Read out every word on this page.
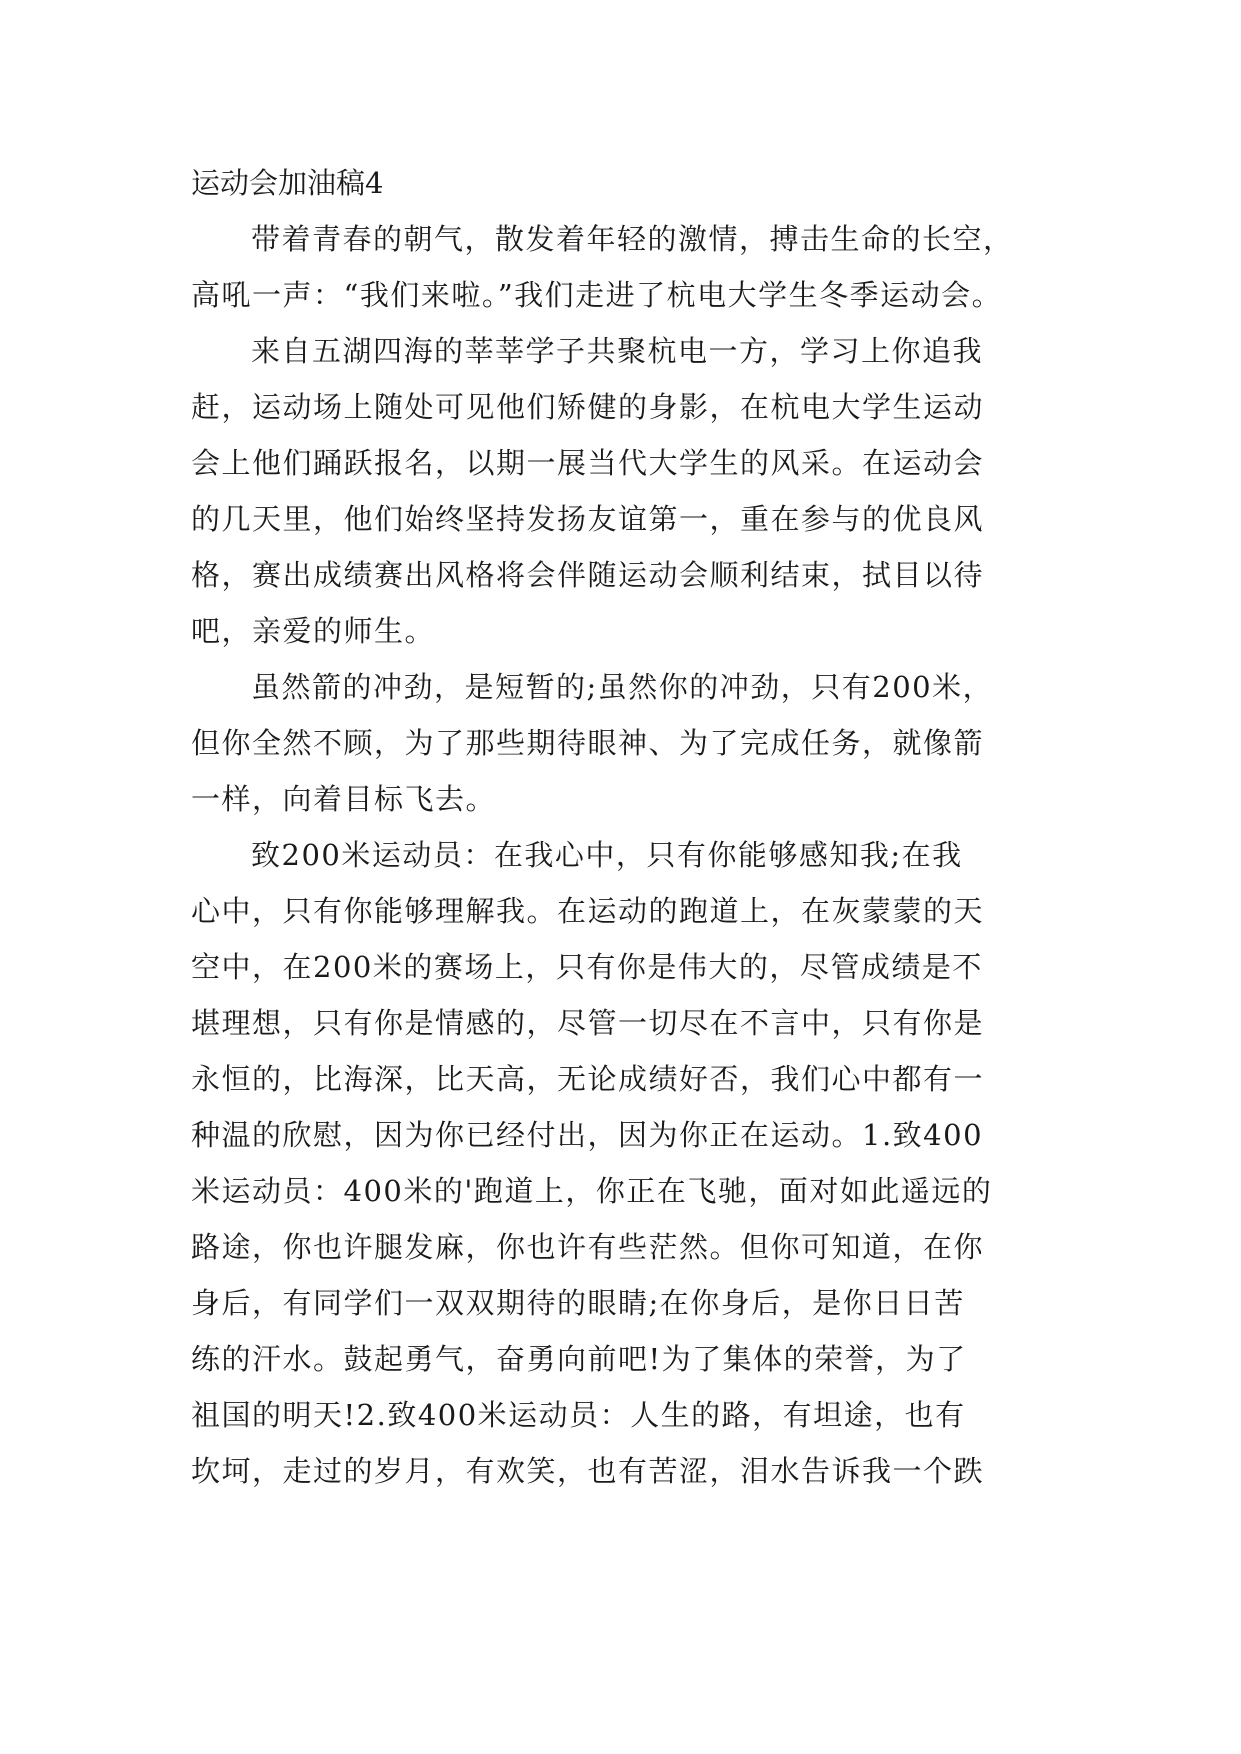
运动会加油稿4
带着青春的朝气，散发着年轻的激情，搏击生命的长空，
高吼一声：“我们来啦。”我们走进了杭电大学生冬季运动会。
来自五湖四海的莘莘学子共聚杭电一方，学习上你追我
赶，运动场上随处可见他们矫健的身影，在杭电大学生运动
会上他们踊跃报名，以期一展当代大学生的风采。在运动会
的几天里，他们始终坚持发扬友谊第一，重在参与的优良风
格，赛出成绩赛出风格将会伴随运动会顺利结束，拭目以待
吧，亲爱的师生。
虽然箭的冲劲，是短暂的;虽然你的冲劲，只有200米，
但你全然不顾，为了那些期待眼神、为了完成任务，就像箭
一样，向着目标飞去。
致200米运动员：在我心中，只有你能够感知我;在我
心中，只有你能够理解我。在运动的跑道上，在灰蒙蒙的天
空中，在200米的赛场上，只有你是伟大的，尽管成绩是不
堪理想，只有你是情感的，尽管一切尽在不言中，只有你是
永恒的，比海深，比天高，无论成绩好否，我们心中都有一
种温的欣慰，因为你已经付出，因为你正在运动。1.致400
米运动员：400米的'跑道上，你正在飞驰，面对如此遥远的
路途，你也许腿发麻，你也许有些茫然。但你可知道，在你
身后，有同学们一双双期待的眼睛;在你身后，是你日日苦
练的汗水。鼓起勇气，奋勇向前吧!为了集体的荣誉，为了
祖国的明天!2.致400米运动员：人生的路，有坦途，也有
坎坷，走过的岁月，有欢笑，也有苦涩，泪水告诉我一个跌
